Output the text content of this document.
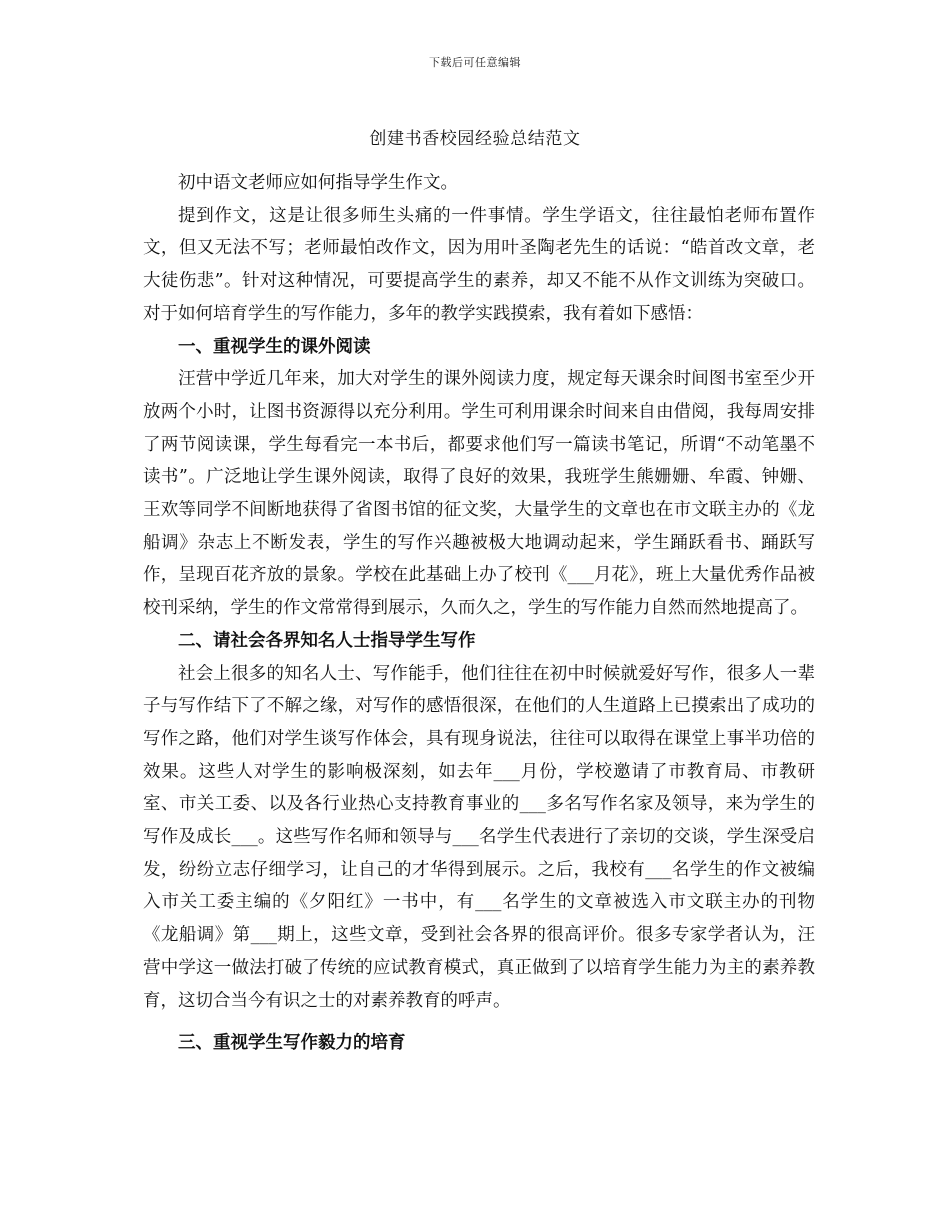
下载后可任意编辑
创建书香校园经验总结范文

初中语文老师应如何指导学生作文。

提到作文，这是让很多师生头痛的一件事情。学生学语文，往往最怕老师布置作文，但又无法不写；老师最怕改作文，因为用叶圣陶老先生的话说：“皓首改文章，老大徒伤悲”。针对这种情况，可要提高学生的素养，却又不能不从作文训练为突破口。对于如何培育学生的写作能力，多年的教学实践摸索，我有着如下感悟：

一、重视学生的课外阅读

汪营中学近几年来，加大对学生的课外阅读力度，规定每天课余时间图书室至少开放两个小时，让图书资源得以充分利用。学生可利用课余时间来自由借阅，我每周安排了两节阅读课，学生每看完一本书后，都要求他们写一篇读书笔记，所谓“不动笔墨不读书”。广泛地让学生课外阅读，取得了良好的效果，我班学生熊姗姗、牟霞、钟姗、王欢等同学不间断地获得了省图书馆的征文奖，大量学生的文章也在市文联主办的《龙船调》杂志上不断发表，学生的写作兴趣被极大地调动起来，学生踊跃看书、踊跃写作，呈现百花齐放的景象。学校在此基础上办了校刊《___月花》，班上大量优秀作品被校刊采纳，学生的作文常常得到展示，久而久之，学生的写作能力自然而然地提高了。

二、请社会各界知名人士指导学生写作

社会上很多的知名人士、写作能手，他们往往在初中时候就爱好写作，很多人一辈子与写作结下了不解之缘，对写作的感悟很深，在他们的人生道路上已摸索出了成功的写作之路，他们对学生谈写作体会，具有现身说法，往往可以取得在课堂上事半功倍的效果。这些人对学生的影响极深刻，如去年___月份，学校邀请了市教育局、市教研室、市关工委、以及各行业热心支持教育事业的___多名写作名家及领导，来为学生的写作及成长___。这些写作名师和领导与___名学生代表进行了亲切的交谈，学生深受启发，纷纷立志仔细学习，让自己的才华得到展示。之后，我校有___名学生的作文被编入市关工委主编的《夕阳红》一书中，有___名学生的文章被选入市文联主办的刊物《龙船调》第___期上，这些文章，受到社会各界的很高评价。很多专家学者认为，汪营中学这一做法打破了传统的应试教育模式，真正做到了以培育学生能力为主的素养教育，这切合当今有识之士的对素养教育的呼声。

三、重视学生写作毅力的培育
